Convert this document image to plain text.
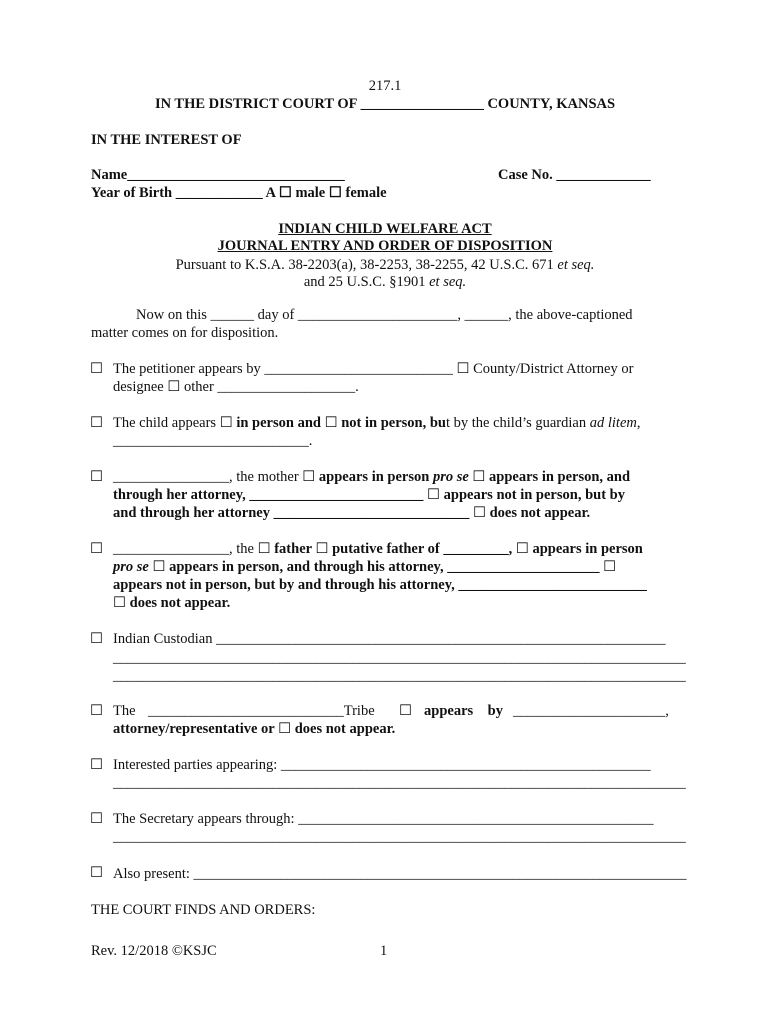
217.1
IN THE DISTRICT COURT OF _________________ COUNTY, KANSAS
IN THE INTEREST OF
Name______________________________	Case No. _____________
Year of Birth ____________ A ☐ male ☐ female
INDIAN CHILD WELFARE ACT
JOURNAL ENTRY AND ORDER OF DISPOSITION
Pursuant to K.S.A. 38-2203(a), 38-2253, 38-2255, 42 U.S.C. 671 et seq.
and 25 U.S.C. §1901 et seq.
Now on this ______ day of ______________________, ______, the above-captioned
matter comes on for disposition.
☐ The petitioner appears by __________________________ ☐ County/District Attorney or
designee ☐ other ___________________.
☐ The child appears ☐ in person and ☐ not in person, but by the child’s guardian ad litem,
___________________________.
☐ ________________, the mother ☐ appears in person pro se ☐ appears in person, and
through her attorney, ________________________ ☐ appears not in person, but by
and through her attorney ___________________________ ☐ does not appear.
☐ ________________, the ☐ father ☐ putative father of _________, ☐ appears in person
pro se ☐ appears in person, and through his attorney, _____________________ ☐
appears not in person, but by and through his attorney, __________________________
☐ does not appear.
☐ Indian Custodian ______________________________________________________________
_______________________________________________________________________________
_______________________________________________________________________________
☐ The ___________________________Tribe ☐ appears    by _____________________,
attorney/representative or ☐ does not appear.
☐ Interested parties appearing: ___________________________________________________
_______________________________________________________________________________
☐ The Secretary appears through: _________________________________________________
_______________________________________________________________________________
☐ Also present: ____________________________________________________________________
THE COURT FINDS AND ORDERS:
Rev. 12/2018 ©KSJC	1
